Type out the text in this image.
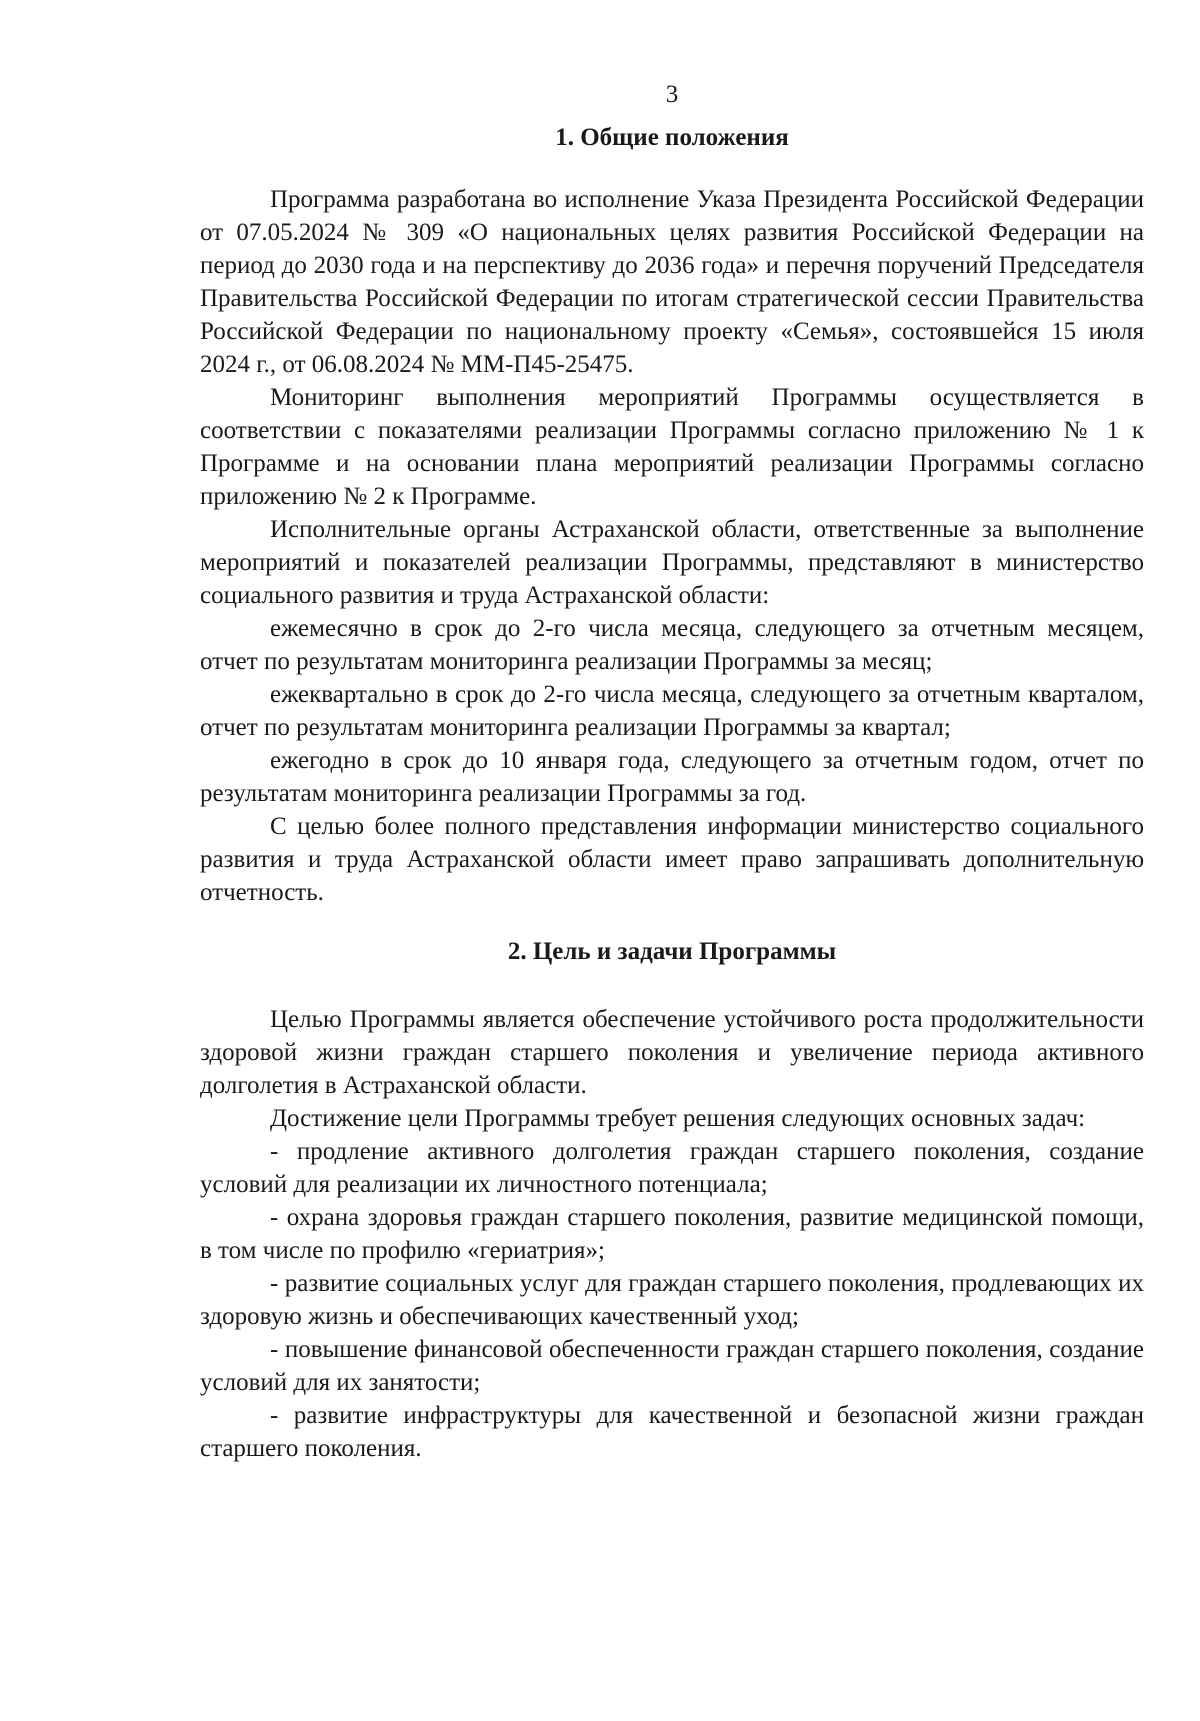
3
1. Общие положения

Программа разработана во исполнение Указа Президента Российской Федерации от 07.05.2024 № 309 «О национальных целях развития Российской Федерации на период до 2030 года и на перспективу до 2036 года» и перечня поручений Председателя Правительства Российской Федерации по итогам стратегической сессии Правительства Российской Федерации по национальному проекту «Семья», состоявшейся 15 июля 2024 г., от 06.08.2024 № ММ-П45-25475.

Мониторинг выполнения мероприятий Программы осуществляется в соответствии с показателями реализации Программы согласно приложению № 1 к Программе и на основании плана мероприятий реализации Программы согласно приложению № 2 к Программе.

Исполнительные органы Астраханской области, ответственные за выполнение мероприятий и показателей реализации Программы, представляют в министерство социального развития и труда Астраханской области:

ежемесячно в срок до 2-го числа месяца, следующего за отчетным месяцем, отчет по результатам мониторинга реализации Программы за месяц;

ежеквартально в срок до 2-го числа месяца, следующего за отчетным кварталом, отчет по результатам мониторинга реализации Программы за квартал;

ежегодно в срок до 10 января года, следующего за отчетным годом, отчет по результатам мониторинга реализации Программы за год.

С целью более полного представления информации министерство социального развития и труда Астраханской области имеет право запрашивать дополнительную отчетность.

2. Цель и задачи Программы

Целью Программы является обеспечение устойчивого роста продолжительности здоровой жизни граждан старшего поколения и увеличение периода активного долголетия в Астраханской области.

Достижение цели Программы требует решения следующих основных задач:

- продление активного долголетия граждан старшего поколения, создание условий для реализации их личностного потенциала;

- охрана здоровья граждан старшего поколения, развитие медицинской помощи, в том числе по профилю «гериатрия»;

- развитие социальных услуг для граждан старшего поколения, продлевающих их здоровую жизнь и обеспечивающих качественный уход;

- повышение финансовой обеспеченности граждан старшего поколения, создание условий для их занятости;

- развитие инфраструктуры для качественной и безопасной жизни граждан старшего поколения.
